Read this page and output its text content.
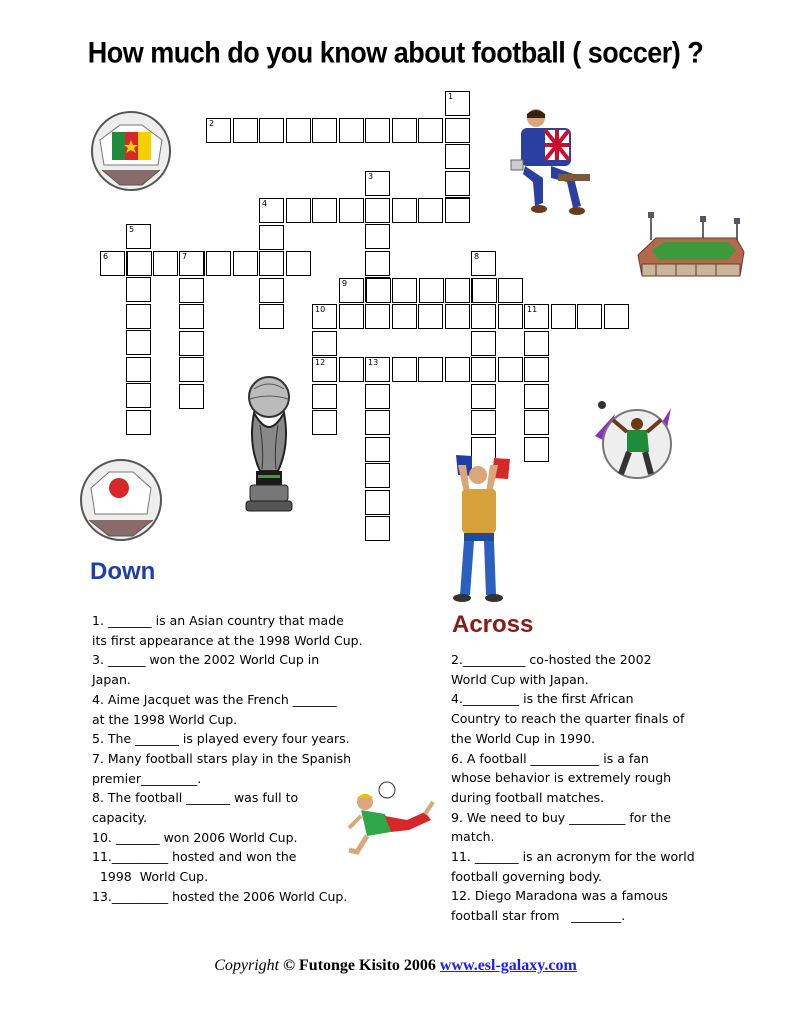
How much do you know about football ( soccer) ?
1
2
3
4
5
6	7	8
9
10	11
12	13
Down
1. _______ is an Asian country that made
its first appearance at the 1998 World Cup.
3. ______ won the 2002 World Cup in
Japan.
4. Aime Jacquet was the French _______
at the 1998 World Cup.
5. The _______ is played every four years.
7. Many football stars play in the Spanish
premier_________.
8. The football _______ was full to
capacity.
10. _______ won 2006 World Cup.
11._________ hosted and won the
1998  World Cup.
13._________ hosted the 2006 World Cup.
Across
2.__________ co-hosted the 2002
World Cup with Japan.
4._________ is the first African
Country to reach the quarter finals of
the World Cup in 1990.
6. A football ___________ is a fan
whose behavior is extremely rough
during football matches.
9. We need to buy _________ for the
match.
11. _______ is an acronym for the world
football governing body.
12. Diego Maradona was a famous
football star from   ________.
Copyright © Futonge Kisito 2006 www.esl-galaxy.com
